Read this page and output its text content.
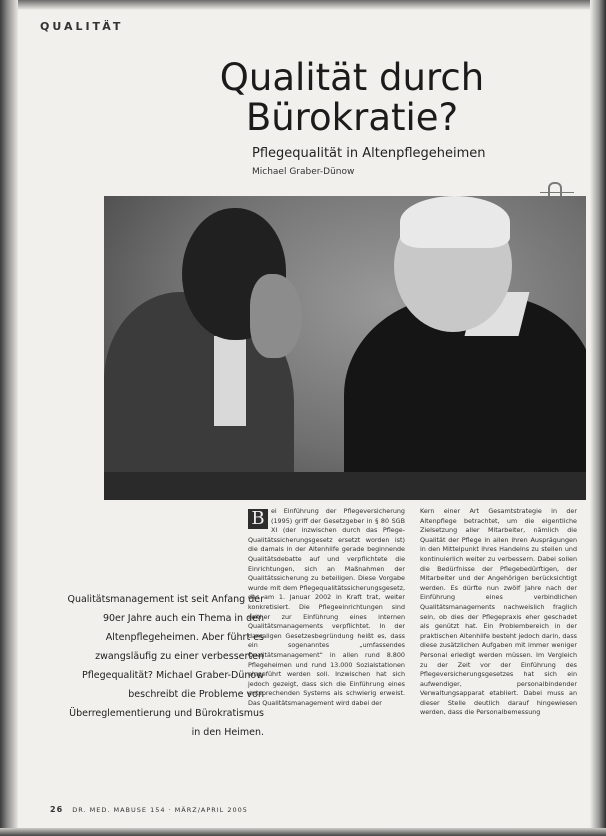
QUALITÄT
Qualität durch Bürokratie?
Pflegequalität in Altenpflegeheimen
Michael Graber-Dünow
Qualitätsmanagement ist seit Anfang der 90er Jahre auch ein Thema in den Altenpflegeheimen. Aber führt es zwangsläufig zu einer verbesserten Pflegequalität? Michael Graber-Dünow beschreibt die Probleme von Überreglementierung und Bürokratismus in den Heimen.
B ei Einführung der Pflegeversicherung (1995) griff der Gesetzgeber in § 80 SGB XI (der inzwischen durch das Pflege-Qualitätssicherungsgesetz ersetzt worden ist) die damals in der Altenhilfe gerade beginnende Qualitätsdebatte auf und verpflichtete die Einrichtungen, sich an Maßnahmen der Qualitätssicherung zu beteiligen. Diese Vorgabe wurde mit dem Pflegequalitätssicherungsgesetz, das am 1. Januar 2002 in Kraft trat, weiter konkretisiert. Die Pflegeeinrichtungen sind seither zur Einführung eines internen Qualitätsmanagements verpflichtet. In der damaligen Gesetzesbegründung heißt es, dass ein sogenanntes „umfassendes Qualitätsmanagement“ in allen rund 8.800 Pflegeheimen und rund 13.000 Sozialstationen eingeführt werden soll. Inzwischen hat sich jedoch gezeigt, dass sich die Einführung eines entsprechenden Systems als schwierig erweist. Das Qualitätsmanagement wird dabei der
Kern einer Art Gesamtstrategie in der Altenpflege betrachtet, um die eigentliche Zielsetzung aller Mitarbeiter, nämlich die Qualität der Pflege in allen ihren Ausprägungen in den Mittelpunkt ihres Handelns zu stellen und kontinuierlich weiter zu verbessern. Dabei sollen die Bedürfnisse der Pflegebedürftigen, der Mitarbeiter und der Angehörigen berücksichtigt werden. Es dürfte nun zwölf Jahre nach der Einführung eines verbindlichen Qualitätsmanagements nachweislich fraglich sein, ob dies der Pflegepraxis eher geschadet als genützt hat. Ein Problembereich in der praktischen Altenhilfe besteht jedoch darin, dass diese zusätzlichen Aufgaben mit immer weniger Personal erledigt werden müssen. Im Vergleich zu der Zeit vor der Einführung des Pflegeversicherungsgesetzes hat sich ein aufwendiger, personalbindender Verwaltungsapparat etabliert. Dabei muss an dieser Stelle deutlich darauf hingewiesen werden, dass die Personalbemessung
26 DR. MED. MABUSE 154 · MÄRZ/APRIL 2005
